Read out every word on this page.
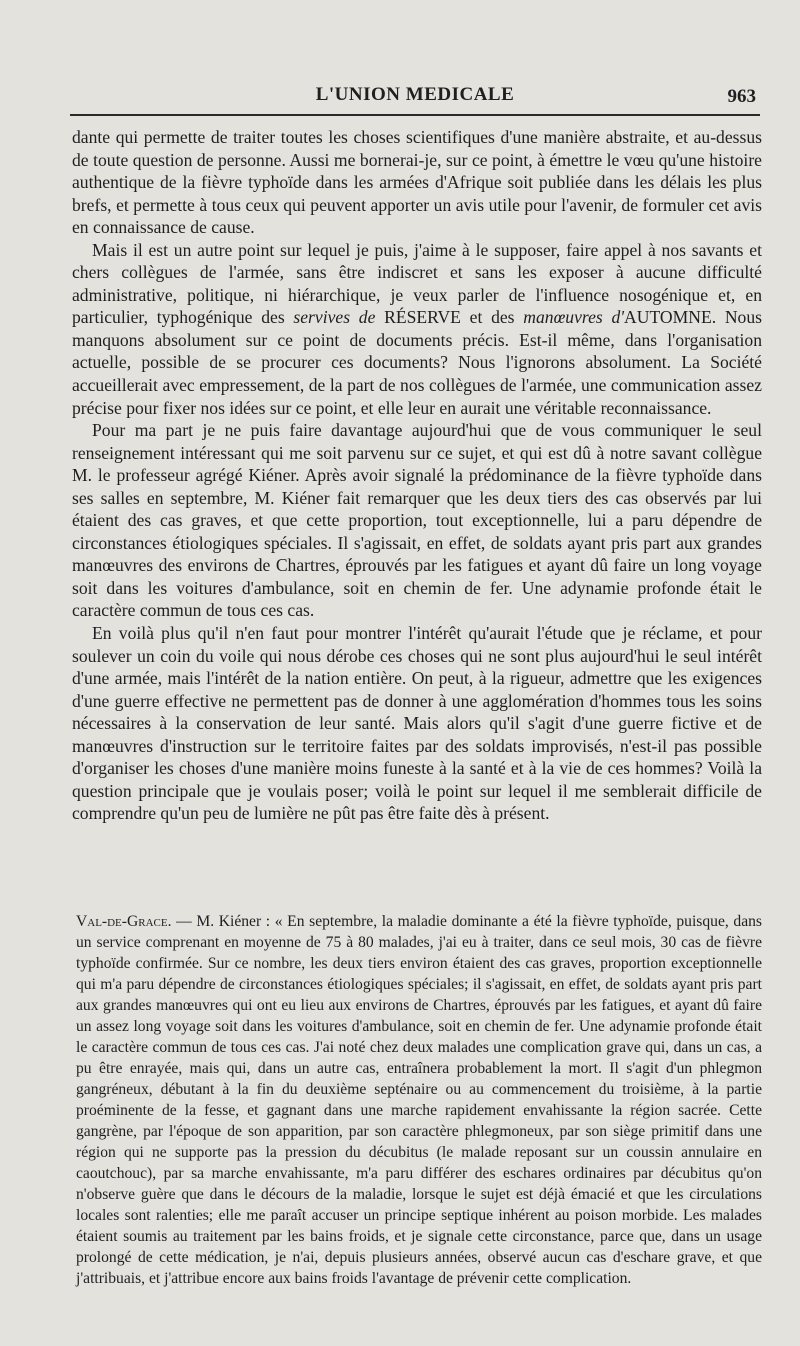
L'UNION MEDICALE	963

dante qui permette de traiter toutes les choses scientifiques d'une manière abstraite, et au-dessus de toute question de personne. Aussi me bornerai-je, sur ce point, à émettre le vœu qu'une histoire authentique de la fièvre typhoïde dans les armées d'Afrique soit publiée dans les délais les plus brefs, et permette à tous ceux qui peuvent apporter un avis utile pour l'avenir, de formuler cet avis en connaissance de cause.

Mais il est un autre point sur lequel je puis, j'aime à le supposer, faire appel à nos savants et chers collègues de l'armée, sans être indiscret et sans les exposer à aucune difficulté administrative, politique, ni hiérarchique, je veux parler de l'influence nosogénique et, en particulier, typhogénique des servives de RÉSERVE et des manœuvres d'AUTOMNE. Nous manquons absolument sur ce point de documents précis. Est-il même, dans l'organisation actuelle, possible de se procurer ces documents? Nous l'ignorons absolument. La Société accueillerait avec empressement, de la part de nos collègues de l'armée, une communication assez précise pour fixer nos idées sur ce point, et elle leur en aurait une véritable reconnaissance.

Pour ma part je ne puis faire davantage aujourd'hui que de vous communiquer le seul renseignement intéressant qui me soit parvenu sur ce sujet, et qui est dû à notre savant collègue M. le professeur agrégé Kiéner. Après avoir signalé la prédominance de la fièvre typhoïde dans ses salles en septembre, M. Kiéner fait remarquer que les deux tiers des cas observés par lui étaient des cas graves, et que cette proportion, tout exceptionnelle, lui a paru dépendre de circonstances étiologiques spéciales. Il s'agissait, en effet, de soldats ayant pris part aux grandes manœuvres des environs de Chartres, éprouvés par les fatigues et ayant dû faire un long voyage soit dans les voitures d'ambulance, soit en chemin de fer. Une adynamie profonde était le caractère commun de tous ces cas.

En voilà plus qu'il n'en faut pour montrer l'intérêt qu'aurait l'étude que je réclame, et pour soulever un coin du voile qui nous dérobe ces choses qui ne sont plus aujourd'hui le seul intérêt d'une armée, mais l'intérêt de la nation entière. On peut, à la rigueur, admettre que les exigences d'une guerre effective ne permettent pas de donner à une agglomération d'hommes tous les soins nécessaires à la conservation de leur santé. Mais alors qu'il s'agit d'une guerre fictive et de manœuvres d'instruction sur le territoire faites par des soldats improvisés, n'est-il pas possible d'organiser les choses d'une manière moins funeste à la santé et à la vie de ces hommes? Voilà la question principale que je voulais poser; voilà le point sur lequel il me semblerait difficile de comprendre qu'un peu de lumière ne pût pas être faite dès à présent.

Val-de-Grace. — M. Kiéner : « En septembre, la maladie dominante a été la fièvre typhoïde, puisque, dans un service comprenant en moyenne de 75 à 80 malades, j'ai eu à traiter, dans ce seul mois, 30 cas de fièvre typhoïde confirmée. Sur ce nombre, les deux tiers environ étaient des cas graves, proportion exceptionnelle qui m'a paru dépendre de circonstances étiologiques spéciales; il s'agissait, en effet, de soldats ayant pris part aux grandes manœuvres qui ont eu lieu aux environs de Chartres, éprouvés par les fatigues, et ayant dû faire un assez long voyage soit dans les voitures d'ambulance, soit en chemin de fer. Une adynamie profonde était le caractère commun de tous ces cas. J'ai noté chez deux malades une complication grave qui, dans un cas, a pu être enrayée, mais qui, dans un autre cas, entraînera probablement la mort. Il s'agit d'un phlegmon gangréneux, débutant à la fin du deuxième septénaire ou au commencement du troisième, à la partie proéminente de la fesse, et gagnant dans une marche rapidement envahissante la région sacrée. Cette gangrène, par l'époque de son apparition, par son caractère phlegmoneux, par son siège primitif dans une région qui ne supporte pas la pression du décubitus (le malade reposant sur un coussin annulaire en caoutchouc), par sa marche envahissante, m'a paru différer des eschares ordinaires par décubitus qu'on n'observe guère que dans le décours de la maladie, lorsque le sujet est déjà émacié et que les circulations locales sont ralenties; elle me paraît accuser un principe septique inhérent au poison morbide. Les malades étaient soumis au traitement par les bains froids, et je signale cette circonstance, parce que, dans un usage prolongé de cette médication, je n'ai, depuis plusieurs années, observé aucun cas d'eschare grave, et que j'attribuais, et j'attribue encore aux bains froids l'avantage de prévenir cette complication.
